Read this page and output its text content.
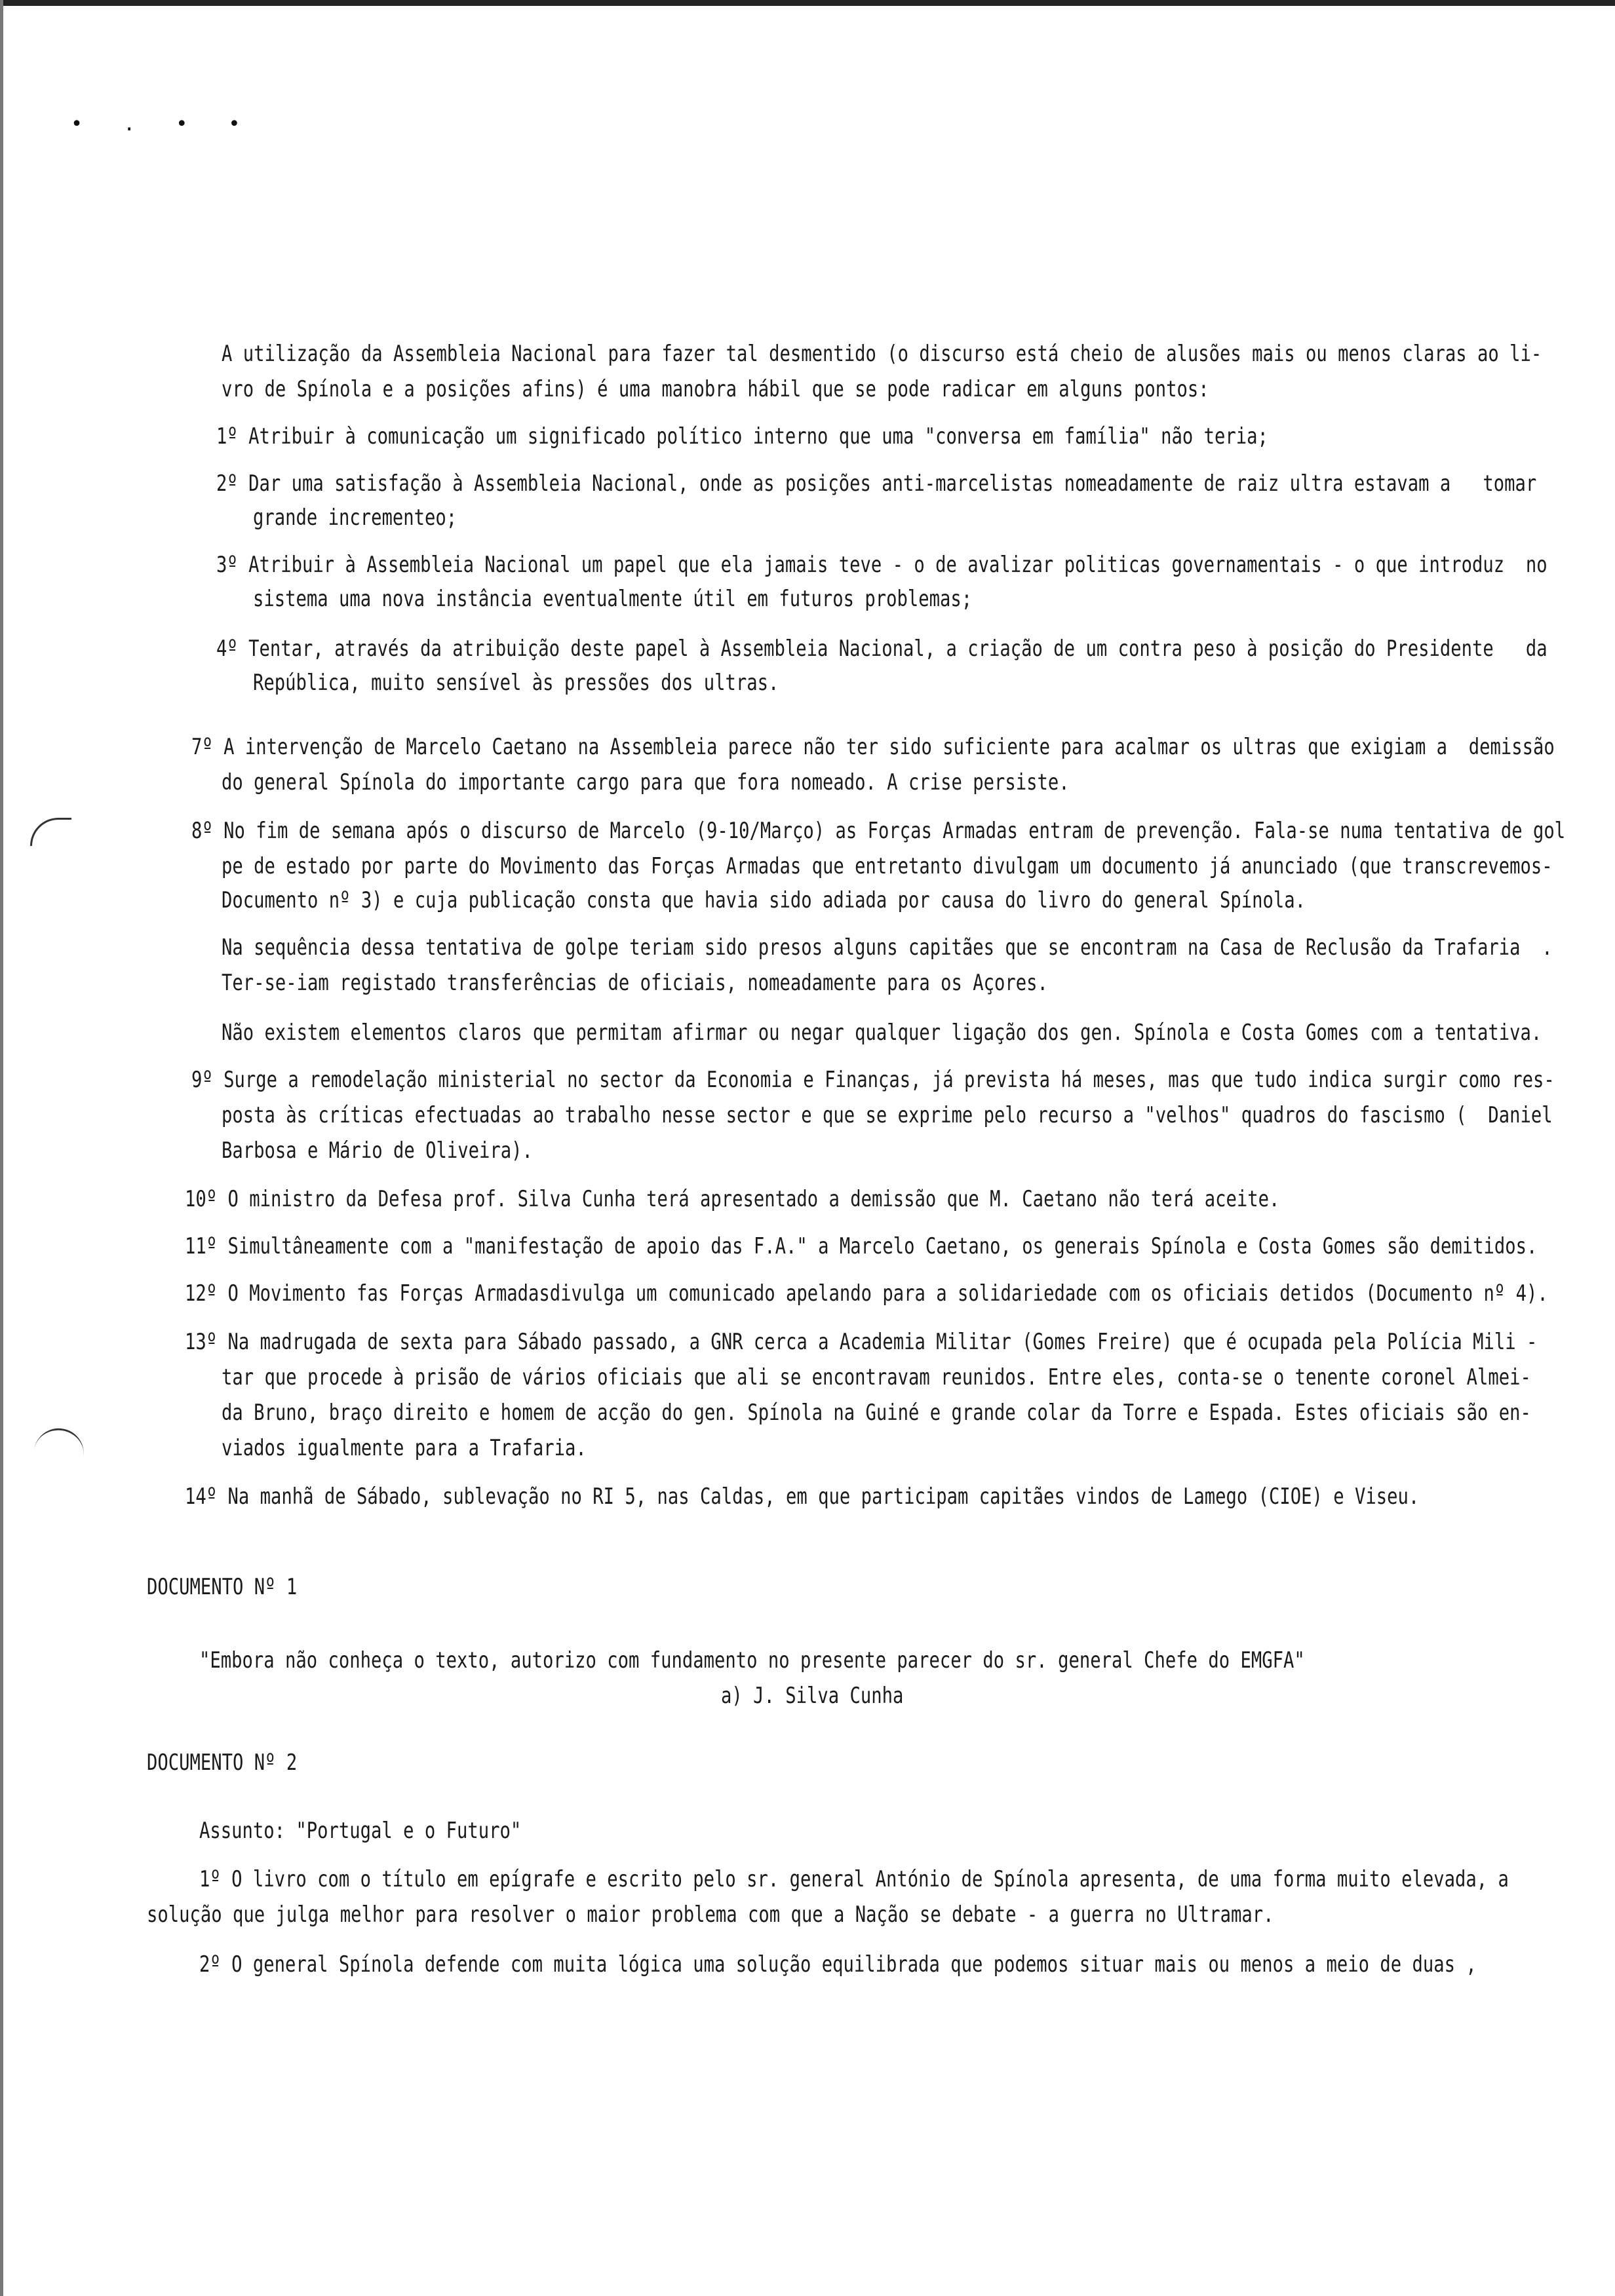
• . • •
A utilização da Assembleia Nacional para fazer tal desmentido (o discurso está cheio de alusões mais ou menos claras ao li-
vro de Spínola e a posições afins) é uma manobra hábil que se pode radicar em alguns pontos:
1º Atribuir à comunicação um significado político interno que uma "conversa em família" não teria;
2º Dar uma satisfação à Assembleia Nacional, onde as posições anti-marcelistas nomeadamente de raiz ultra estavam a   tomar
grande incrementeo;
3º Atribuir à Assembleia Nacional um papel que ela jamais teve - o de avalizar politicas governamentais - o que introduz  no
sistema uma nova instância eventualmente útil em futuros problemas;
4º Tentar, através da atribuição deste papel à Assembleia Nacional, a criação de um contra peso à posição do Presidente   da
República, muito sensível às pressões dos ultras.
7º A intervenção de Marcelo Caetano na Assembleia parece não ter sido suficiente para acalmar os ultras que exigiam a  demissão
do general Spínola do importante cargo para que fora nomeado. A crise persiste.
8º No fim de semana após o discurso de Marcelo (9-10/Março) as Forças Armadas entram de prevenção. Fala-se numa tentativa de gol
pe de estado por parte do Movimento das Forças Armadas que entretanto divulgam um documento já anunciado (que transcrevemos-
Documento nº 3) e cuja publicação consta que havia sido adiada por causa do livro do general Spínola.
Na sequência dessa tentativa de golpe teriam sido presos alguns capitães que se encontram na Casa de Reclusão da Trafaria  .
Ter-se-iam registado transferências de oficiais, nomeadamente para os Açores.
Não existem elementos claros que permitam afirmar ou negar qualquer ligação dos gen. Spínola e Costa Gomes com a tentativa.
9º Surge a remodelação ministerial no sector da Economia e Finanças, já prevista há meses, mas que tudo indica surgir como res-
posta às críticas efectuadas ao trabalho nesse sector e que se exprime pelo recurso a "velhos" quadros do fascismo (  Daniel
Barbosa e Mário de Oliveira).
10º O ministro da Defesa prof. Silva Cunha terá apresentado a demissão que M. Caetano não terá aceite.
11º Simultâneamente com a "manifestação de apoio das F.A." a Marcelo Caetano, os generais Spínola e Costa Gomes são demitidos.
12º O Movimento fas Forças Armadasdivulga um comunicado apelando para a solidariedade com os oficiais detidos (Documento nº 4).
13º Na madrugada de sexta para Sábado passado, a GNR cerca a Academia Militar (Gomes Freire) que é ocupada pela Polícia Mili -
tar que procede à prisão de vários oficiais que ali se encontravam reunidos. Entre eles, conta-se o tenente coronel Almei-
da Bruno, braço direito e homem de acção do gen. Spínola na Guiné e grande colar da Torre e Espada. Estes oficiais são en-
viados igualmente para a Trafaria.
14º Na manhã de Sábado, sublevação no RI 5, nas Caldas, em que participam capitães vindos de Lamego (CIOE) e Viseu.
DOCUMENTO Nº 1
"Embora não conheça o texto, autorizo com fundamento no presente parecer do sr. general Chefe do EMGFA"
a) J. Silva Cunha
DOCUMENTO Nº 2
Assunto: "Portugal e o Futuro"
1º O livro com o título em epígrafe e escrito pelo sr. general António de Spínola apresenta, de uma forma muito elevada, a
solução que julga melhor para resolver o maior problema com que a Nação se debate - a guerra no Ultramar.
2º O general Spínola defende com muita lógica uma solução equilibrada que podemos situar mais ou menos a meio de duas ,
